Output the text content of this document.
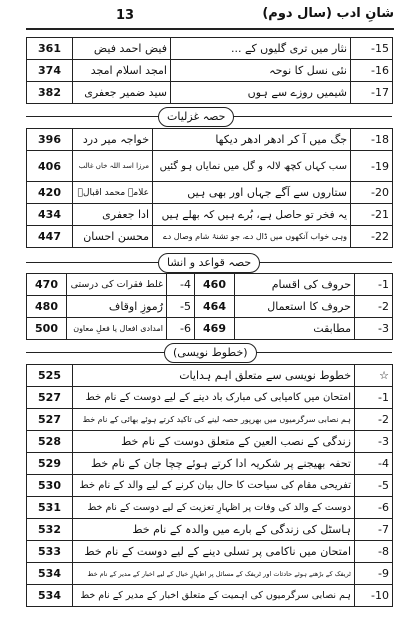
13	شانِ ادب (سال دوم)
361	فیض احمد فیض	نثار میں تری گلیوں کے ...	-15
374	امجد اسلام امجد	نئی نسل کا نوحہ	-16
382	سید ضمیر جعفری	شیمیں روزے سے ہوں	-17
حصہ غزلیات
396	خواجہ میر درد	جگ میں آ کر ادھر ادھر دیکھا	-18
406	مرزا اسد اللہ خاں غالب	سب کہاں کچھ لالہ و گل میں نمایاں ہو گئیں	-19
420	علامہ محمد اقبالؒ	ستاروں سے آگے جہاں اور بھی ہیں	-20
434	ادا جعفری	یہ فخر تو حاصل ہے، بُرے ہیں کہ بھلے ہیں	-21
447	محسن احسان	وہی خواب آنکھوں میں ڈال دے، جو تشنۂ شام وصال دے	-22
حصہ قواعد و انشا
470	غلط فقرات کی درستی	-4	460	حروف کی اقسام	-1
480	رُموزِ اوقاف	-5	464	حروف کا استعمال	-2
500	امدادی افعال یا فعلِ معاون	-6	469	مطابقت	-3
(خطوط نویسی)
525	خطوط نویسی سے متعلق اہم ہدایات	☆
527	امتحان میں کامیابی کی مبارک باد دینے کے لیے دوست کے نام خط	-1
527	ہم نصابی سرگرمیوں میں بھرپور حصہ لینے کی تاکید کرتے ہوئے بھائی کے نام خط	-2
528	زندگی کے نصب العین کے متعلق دوست کے نام خط	-3
529	تحفہ بھیجنے پر شکریہ ادا کرتے ہوئے چچا جان کے نام خط	-4
530	تفریحی مقام کی سیاحت کا حال بیان کرنے کے لیے والد کے نام خط	-5
531	دوست کے والد کی وفات پر اظہارِ تعزیت کے لیے دوست کے نام خط	-6
532	ہاسٹل کی زندگی کے بارے میں والدہ کے نام خط	-7
533	امتحان میں ناکامی پر تسلی دینے کے لیے دوست کے نام خط	-8
534	ٹریفک کے بڑھتے ہوئے حادثات اور ٹریفک کے مسائل پر اظہارِ خیال کے لیے اخبار کے مدیر کے نام خط	-9
534	ہم نصابی سرگرمیوں کی اہمیت کے متعلق اخبار کے مدیر کے نام خط	-10
